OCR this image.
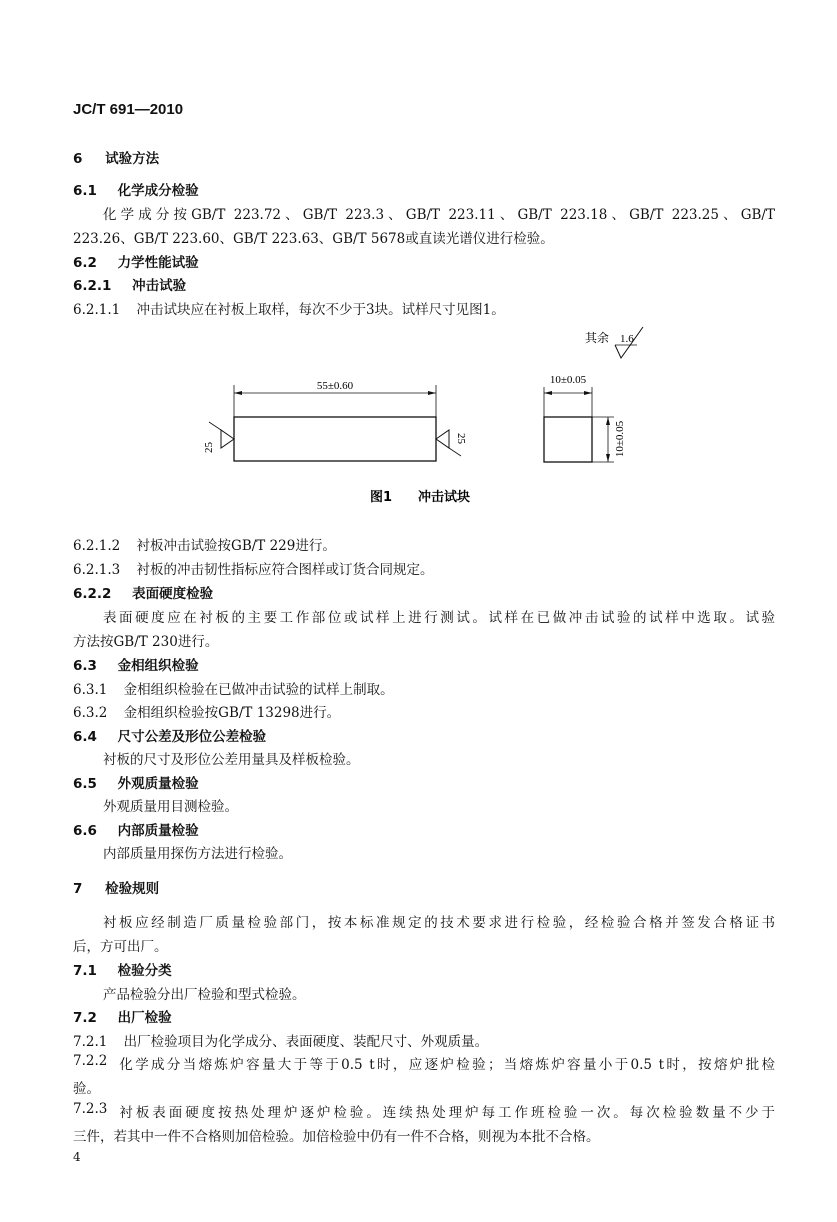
JC/T 691—2010
6 试验方法
6.1 化学成分检验
化学成分按GB/T 223.72、GB/T 223.3、GB/T 223.11、GB/T 223.18、GB/T 223.25、GB/T
223.26、GB/T 223.60、GB/T 223.63、GB/T 5678或直读光谱仪进行检验。
6.2 力学性能试验
6.2.1 冲击试验
6.2.1.1 冲击试块应在衬板上取样，每次不少于3块。试样尺寸见图1。
其余 1.6
55±0.60
25
25
10±0.05
10±0.05
图1 冲击试块
6.2.1.2 衬板冲击试验按GB/T 229进行。
6.2.1.3 衬板的冲击韧性指标应符合图样或订货合同规定。
6.2.2 表面硬度检验
表面硬度应在衬板的主要工作部位或试样上进行测试。试样在已做冲击试验的试样中选取。试验
方法按GB/T 230进行。
6.3 金相组织检验
6.3.1 金相组织检验在已做冲击试验的试样上制取。
6.3.2 金相组织检验按GB/T 13298进行。
6.4 尺寸公差及形位公差检验
衬板的尺寸及形位公差用量具及样板检验。
6.5 外观质量检验
外观质量用目测检验。
6.6 内部质量检验
内部质量用探伤方法进行检验。
7 检验规则
衬板应经制造厂质量检验部门，按本标准规定的技术要求进行检验，经检验合格并签发合格证书
后，方可出厂。
7.1 检验分类
产品检验分出厂检验和型式检验。
7.2 出厂检验
7.2.1 出厂检验项目为化学成分、表面硬度、装配尺寸、外观质量。
7.2.2 化学成分当熔炼炉容量大于等于0.5 t时，应逐炉检验；当熔炼炉容量小于0.5 t时，按熔炉批检
验。
7.2.3 衬板表面硬度按热处理炉逐炉检验。连续热处理炉每工作班检验一次。每次检验数量不少于
三件，若其中一件不合格则加倍检验。加倍检验中仍有一件不合格，则视为本批不合格。
4
